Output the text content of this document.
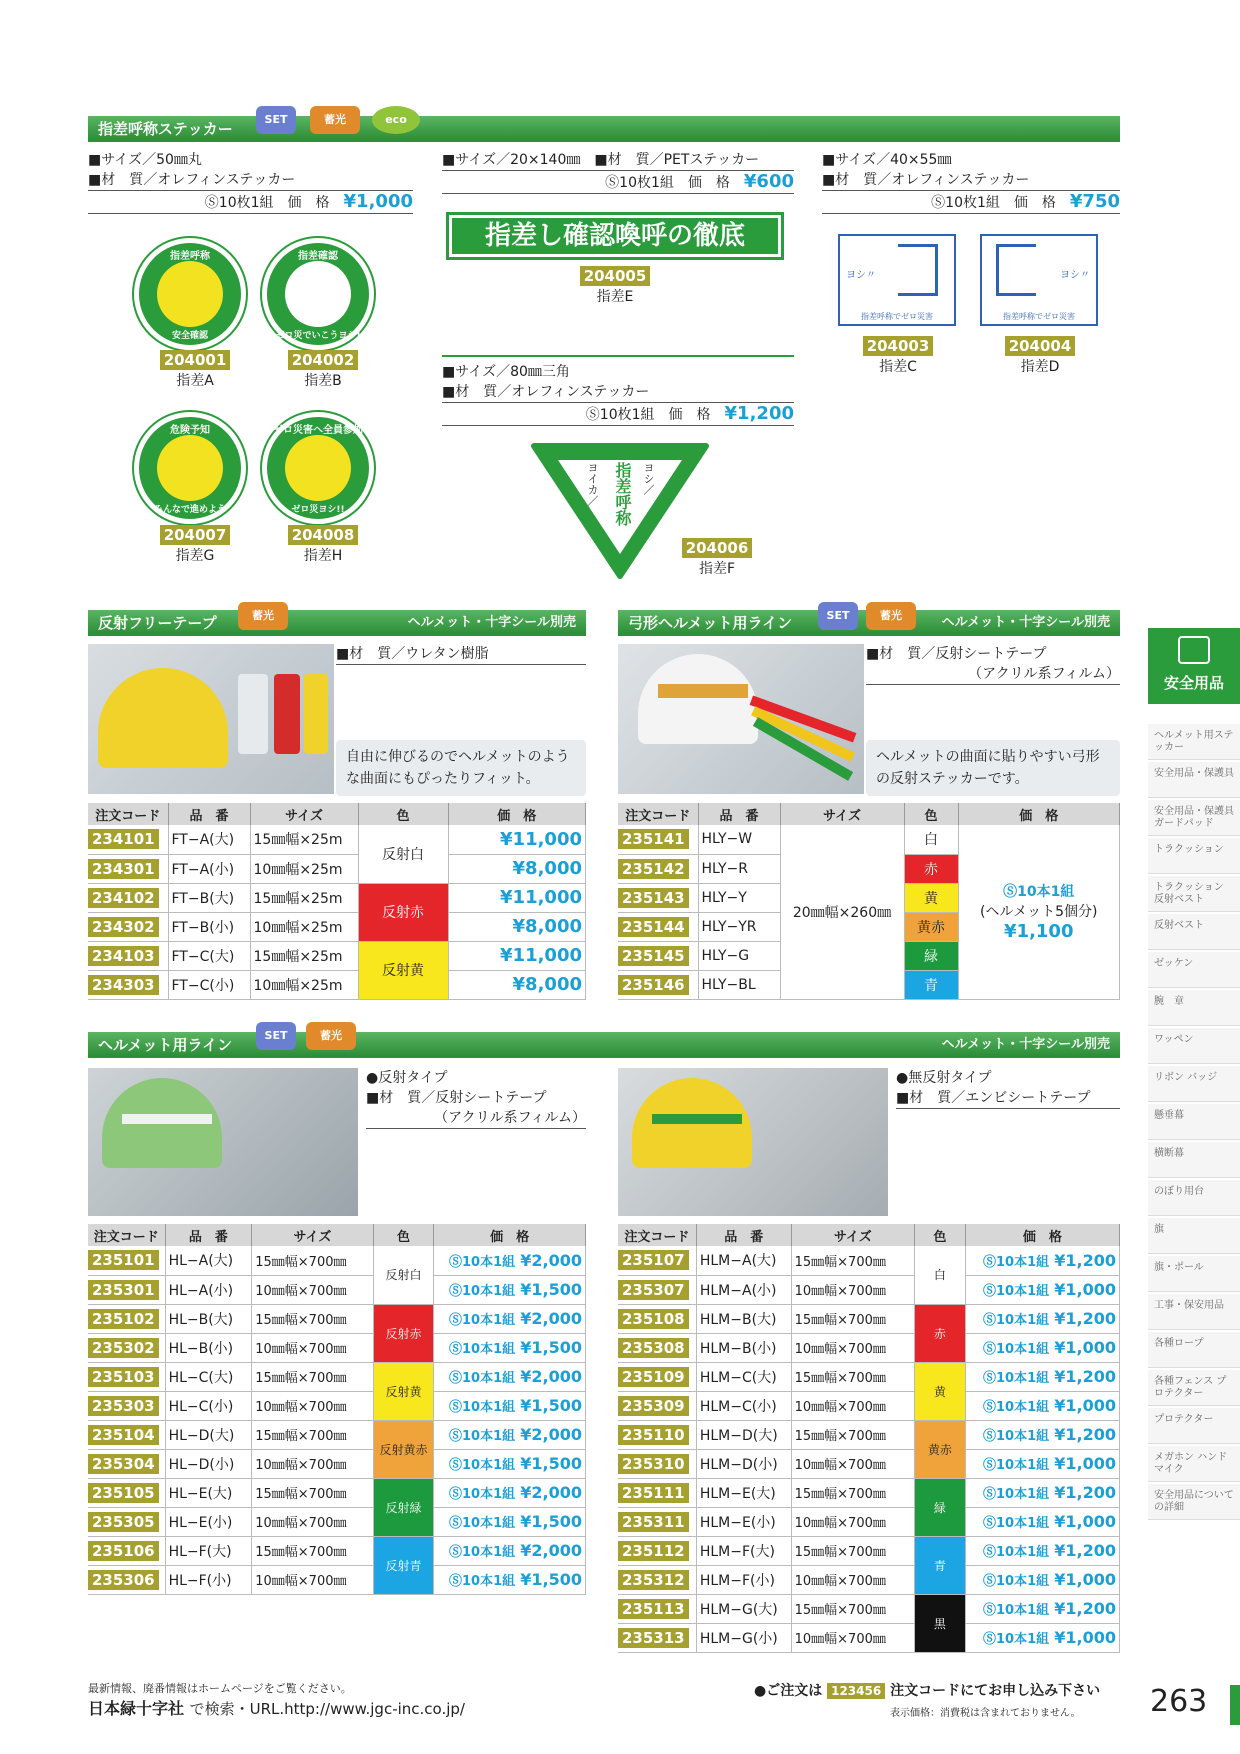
指差呼称ステッカー
SET	蓄光	eco
■サイズ／50㎜丸
■材　質／オレフィンステッカー
Ⓢ10枚1組　 価　格　 ¥1,000
指差呼称
安全確認
指差確認
ゼロ災でいこうヨシ!
204001
指差A
204002
指差B
危険予知
みんなで進めよう
ゼロ災害へ全員参加
ゼロ災ヨシ!!
204007
指差G
204008
指差H
■サイズ／20×140㎜　 ■材　質／PETステッカー
Ⓢ10枚1組　 価　格　 ¥600
指差し確認喚呼の徹底
204005
指差E
■サイズ／80㎜三角
■材　質／オレフィンステッカー
Ⓢ10枚1組　 価　格　 ¥1,200
指差呼称
ヨイカ／	ヨシ／
204006
指差F
■サイズ／40×55㎜
■材　質／オレフィンステッカー
Ⓢ10枚1組　 価　格　 ¥750
ヨシ〃
指差呼称でゼロ災害
ヨシ〃
指差呼称でゼロ災害
204003
指差C
204004
指差D
反射フリーテープ	ヘルメット・十字シール別売
蓄光
■材　質／ウレタン樹脂
自由に伸びるのでヘルメットのような曲面にもぴったりフィット。
注文コード	品　番	サイズ	色	価　格
234101	FT−A(大)	15㎜幅×25m	反射白	¥11,000
234301	FT−A(小)	10㎜幅×25m		¥8,000
234102	FT−B(大)	15㎜幅×25m	反射赤	¥11,000
234302	FT−B(小)	10㎜幅×25m		¥8,000
234103	FT−C(大)	15㎜幅×25m	反射黄	¥11,000
234303	FT−C(小)	10㎜幅×25m		¥8,000
弓形ヘルメット用ライン	ヘルメット・十字シール別売
SET	蓄光
■材　質／反射シートテープ
（アクリル系フィルム）
ヘルメットの曲面に貼りやすい弓形の反射ステッカーです。
注文コード	品　番	サイズ	色	価　格
235141	HLY−W	20㎜幅×260㎜	白	Ⓢ10本1組
(ヘルメット5個分)
¥1,100

235142	HLY−R		赤	
235143	HLY−Y		黄	
235144	HLY−YR		黄赤	
235145	HLY−G		緑	
235146	HLY−BL		青	
ヘルメット用ライン	ヘルメット・十字シール別売
SET	蓄光
●反射タイプ
■材　質／反射シートテープ
（アクリル系フィルム）
●無反射タイプ
■材　質／エンビシートテープ
注文コード	品　番	サイズ	色	価　格
235101	HL−A(大)	15㎜幅×700㎜	反射白	Ⓢ10本1組 ¥2,000
235301	HL−A(小)	10㎜幅×700㎜		Ⓢ10本1組 ¥1,500
235102	HL−B(大)	15㎜幅×700㎜	反射赤	Ⓢ10本1組 ¥2,000
235302	HL−B(小)	10㎜幅×700㎜		Ⓢ10本1組 ¥1,500
235103	HL−C(大)	15㎜幅×700㎜	反射黄	Ⓢ10本1組 ¥2,000
235303	HL−C(小)	10㎜幅×700㎜		Ⓢ10本1組 ¥1,500
235104	HL−D(大)	15㎜幅×700㎜	反射黄赤	Ⓢ10本1組 ¥2,000
235304	HL−D(小)	10㎜幅×700㎜		Ⓢ10本1組 ¥1,500
235105	HL−E(大)	15㎜幅×700㎜	反射緑	Ⓢ10本1組 ¥2,000
235305	HL−E(小)	10㎜幅×700㎜		Ⓢ10本1組 ¥1,500
235106	HL−F(大)	15㎜幅×700㎜	反射青	Ⓢ10本1組 ¥2,000
235306	HL−F(小)	10㎜幅×700㎜		Ⓢ10本1組 ¥1,500
注文コード	品　番	サイズ	色	価　格
235107	HLM−A(大)	15㎜幅×700㎜	白	Ⓢ10本1組 ¥1,200
235307	HLM−A(小)	10㎜幅×700㎜		Ⓢ10本1組 ¥1,000
235108	HLM−B(大)	15㎜幅×700㎜	赤	Ⓢ10本1組 ¥1,200
235308	HLM−B(小)	10㎜幅×700㎜		Ⓢ10本1組 ¥1,000
235109	HLM−C(大)	15㎜幅×700㎜	黄	Ⓢ10本1組 ¥1,200
235309	HLM−C(小)	10㎜幅×700㎜		Ⓢ10本1組 ¥1,000
235110	HLM−D(大)	15㎜幅×700㎜	黄赤	Ⓢ10本1組 ¥1,200
235310	HLM−D(小)	10㎜幅×700㎜		Ⓢ10本1組 ¥1,000
235111	HLM−E(大)	15㎜幅×700㎜	緑	Ⓢ10本1組 ¥1,200
235311	HLM−E(小)	10㎜幅×700㎜		Ⓢ10本1組 ¥1,000
235112	HLM−F(大)	15㎜幅×700㎜	青	Ⓢ10本1組 ¥1,200
235312	HLM−F(小)	10㎜幅×700㎜		Ⓢ10本1組 ¥1,000
235113	HLM−G(大)	15㎜幅×700㎜	黒	Ⓢ10本1組 ¥1,200
235313	HLM−G(小)	10㎜幅×700㎜		Ⓢ10本1組 ¥1,000
安全用品
ヘルメット用ステッカー
安全用品・保護具
安全用品・保護具 ガードパッド
トラクッション
トラクッション 反射ベスト
反射ベスト
ゼッケン
腕　章
ワッペン
リボン バッジ
懸垂幕
横断幕
のぼり用台
旗
旗・ポール
工事・保安用品
各種ロープ
各種フェンス プロテクター
プロテクター
メガホン ハンドマイク
安全用品についての詳細
最新情報、廃番情報はホームページをご覧ください。
日本緑十字社 で検索・URL.http://www.jgc-inc.co.jp/
●ご注文は 123456 注文コードにてお申し込み下さい
表示価格：消費税は含まれておりません。 263
